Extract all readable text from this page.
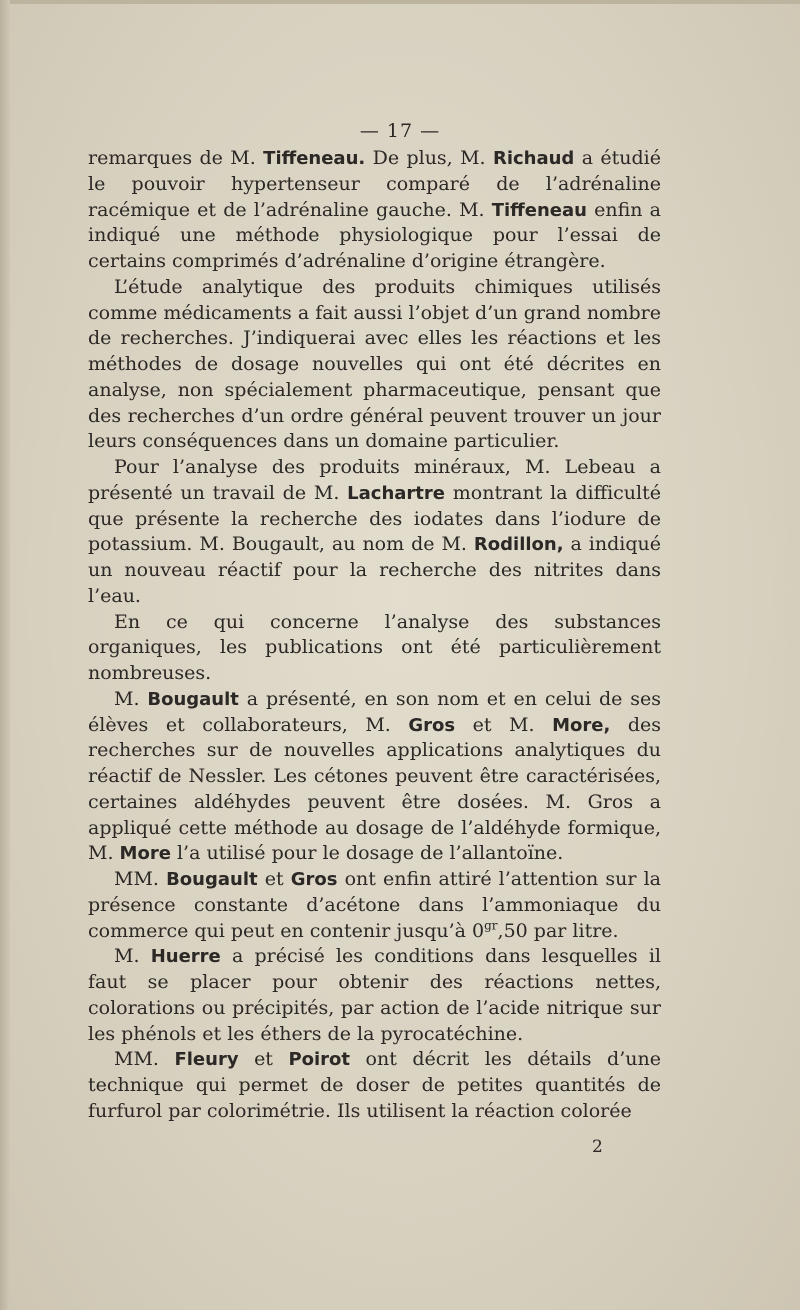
— 17 —

remarques de M. Tiffeneau. De plus, M. Richaud a étudié le pouvoir hypertenseur comparé de l’adrénaline racémique et de l’adrénaline gauche. M. Tiffeneau enfin a indiqué une méthode physiologique pour l’essai de certains comprimés d’adrénaline d’origine étrangère.

L’étude analytique des produits chimiques utilisés comme médicaments a fait aussi l’objet d’un grand nombre de recherches. J’indiquerai avec elles les réactions et les méthodes de dosage nouvelles qui ont été décrites en analyse, non spécialement pharmaceutique, pensant que des recherches d’un ordre général peuvent trouver un jour leurs conséquences dans un domaine particulier.

Pour l’analyse des produits minéraux, M. Lebeau a présenté un travail de M. Lachartre montrant la difficulté que présente la recherche des iodates dans l’iodure de potassium. M. Bougault, au nom de M. Rodillon, a indiqué un nouveau réactif pour la recherche des nitrites dans l’eau.

En ce qui concerne l’analyse des substances organiques, les publications ont été particulièrement nombreuses.

M. Bougault a présenté, en son nom et en celui de ses élèves et collaborateurs, M. Gros et M. More, des recherches sur de nouvelles applications analytiques du réactif de Nessler. Les cétones peuvent être caractérisées, certaines aldéhydes peuvent être dosées. M. Gros a appliqué cette méthode au dosage de l’aldéhyde formique, M. More l’a utilisé pour le dosage de l’allantoïne.

MM. Bougault et Gros ont enfin attiré l’attention sur la présence constante d’acétone dans l’ammoniaque du commerce qui peut en contenir jusqu’à $0^{gr},50$ par litre.

M. Huerre a précisé les conditions dans lesquelles il faut se placer pour obtenir des réactions nettes, colorations ou précipités, par action de l’acide nitrique sur les phénols et les éthers de la pyrocatéchine.

MM. Fleury et Poirot ont décrit les détails d’une technique qui permet de doser de petites quantités de furfurol par colorimétrie. Ils utilisent la réaction colorée

2
